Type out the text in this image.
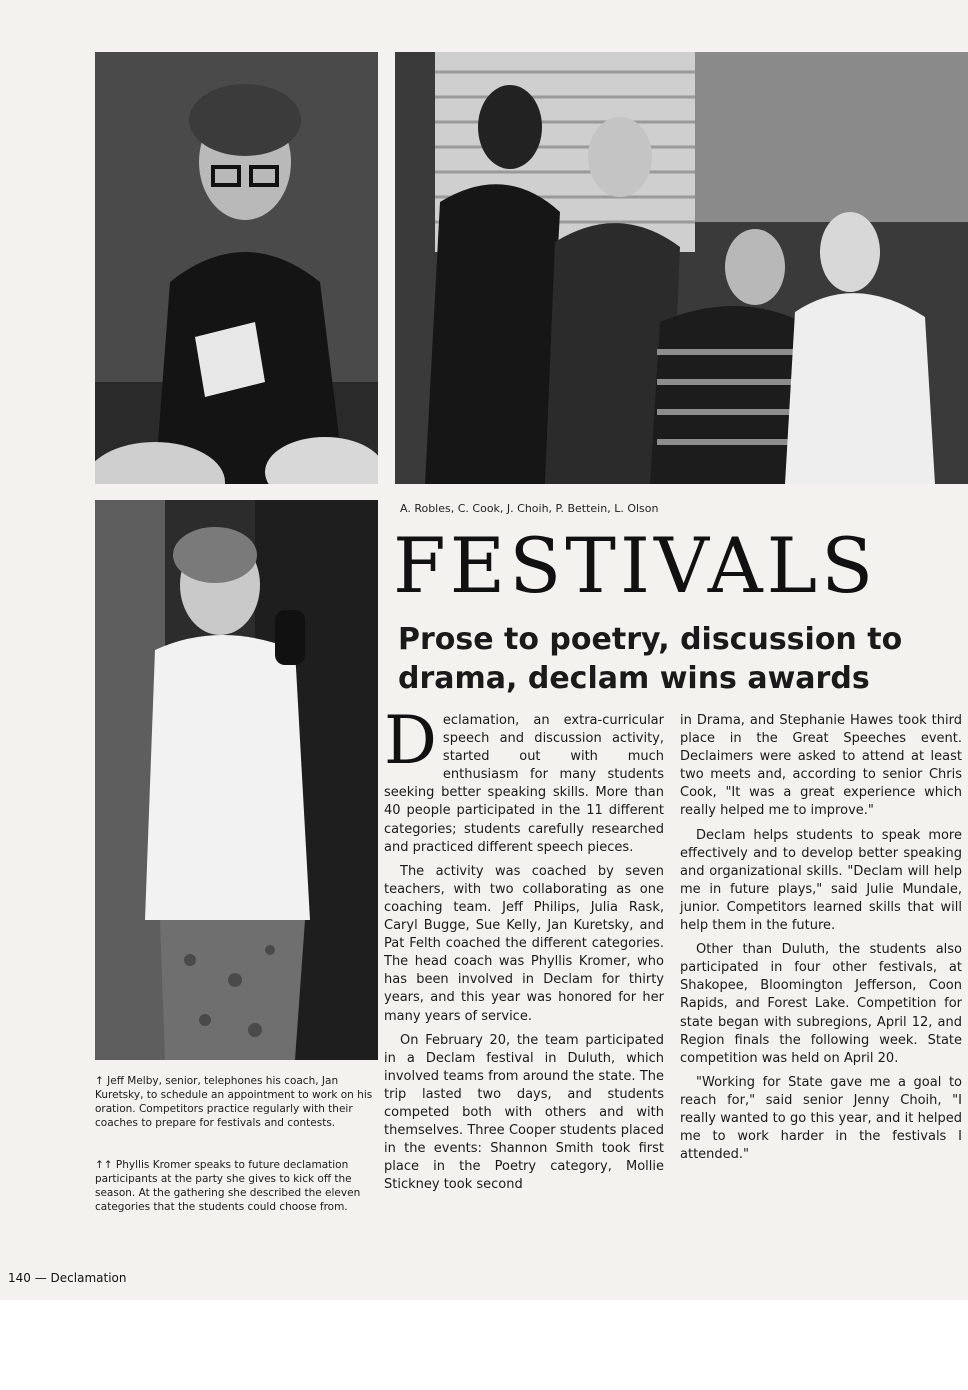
A. Robles, C. Cook, J. Choih, P. Bettein, L. Olson
FESTIVALS
Prose to poetry, discussion to drama, declam wins awards

Declamation, an extra-curricular speech and discussion activity, started out with much enthusiasm for many students seeking better speaking skills. More than 40 people participated in the 11 different categories; students carefully researched and practiced different speech pieces.

The activity was coached by seven teachers, with two collaborating as one coaching team. Jeff Philips, Julia Rask, Caryl Bugge, Sue Kelly, Jan Kuretsky, and Pat Felth coached the different categories. The head coach was Phyllis Kromer, who has been involved in Declam for thirty years, and this year was honored for her many years of service.

On February 20, the team participated in a Declam festival in Duluth, which involved teams from around the state. The trip lasted two days, and students competed both with others and with themselves. Three Cooper students placed in the events: Shannon Smith took first place in the Poetry category, Mollie Stickney took second

in Drama, and Stephanie Hawes took third place in the Great Speeches event. Declaimers were asked to attend at least two meets and, according to senior Chris Cook, "It was a great experience which really helped me to improve."

Declam helps students to speak more effectively and to develop better speaking and organizational skills. "Declam will help me in future plays," said Julie Mundale, junior. Competitors learned skills that will help them in the future.

Other than Duluth, the students also participated in four other festivals, at Shakopee, Bloomington Jefferson, Coon Rapids, and Forest Lake. Competition for state began with subregions, April 12, and Region finals the following week. State competition was held on April 20.

"Working for State gave me a goal to reach for," said senior Jenny Choih, "I really wanted to go this year, and it helped me to work harder in the festivals I attended."

↑ Jeff Melby, senior, telephones his coach, Jan Kuretsky, to schedule an appointment to work on his oration. Competitors practice regularly with their coaches to prepare for festivals and contests.

↑↑ Phyllis Kromer speaks to future declamation participants at the party she gives to kick off the season. At the gathering she described the eleven categories that the students could choose from.

140 — Declamation
